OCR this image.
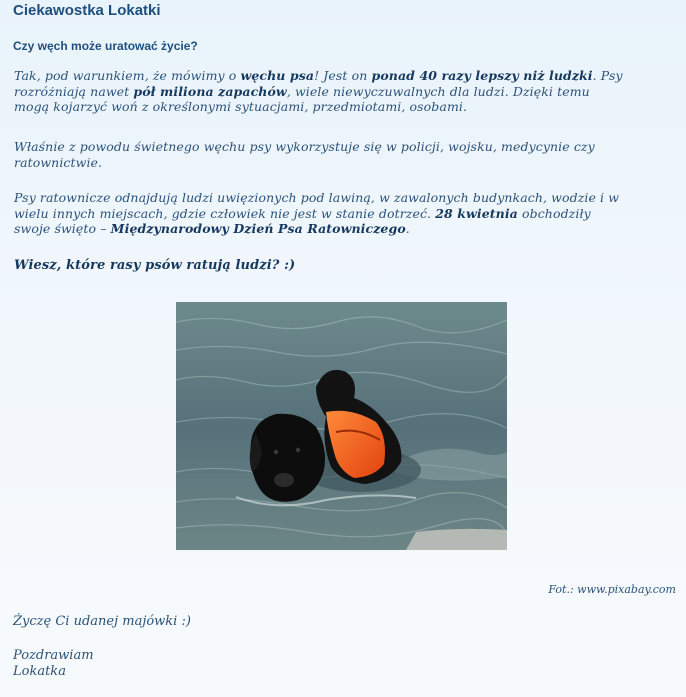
Ciekawostka Lokatki
Czy węch może uratować życie?
Tak, pod warunkiem, że mówimy o węchu psa! Jest on ponad 40 razy lepszy niż ludzki. Psy rozróżniają nawet pół miliona zapachów, wiele niewyczuwalnych dla ludzi. Dzięki temu mogą kojarzyć woń z określonymi sytuacjami, przedmiotami, osobami.
Właśnie z powodu świetnego węchu psy wykorzystuje się w policji, wojsku, medycynie czy ratownictwie.
Psy ratownicze odnajdują ludzi uwięzionych pod lawiną, w zawalonych budynkach, wodzie i w wielu innych miejscach, gdzie człowiek nie jest w stanie dotrzeć. 28 kwietnia obchodziły swoje święto – Międzynarodowy Dzień Psa Ratowniczego.
Wiesz, które rasy psów ratują ludzi? :)
Fot.: www.pixabay.com
Życzę Ci udanej majówki :)
Pozdrawiam
Lokatka
